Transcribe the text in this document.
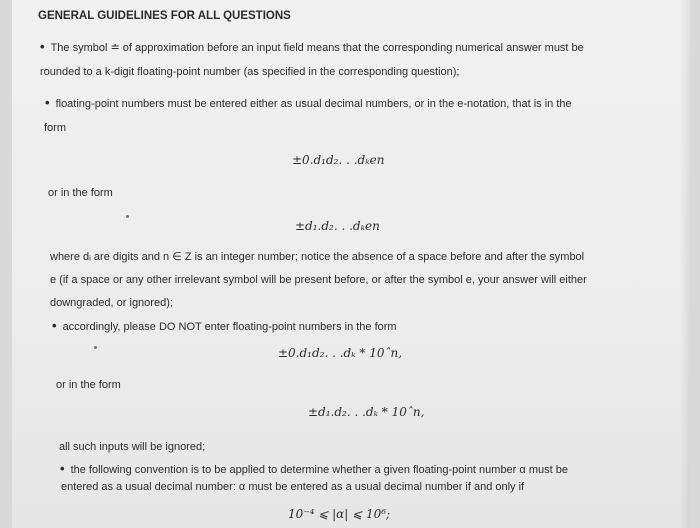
GENERAL GUIDELINES FOR ALL QUESTIONS
• The symbol ≐ of approximation before an input field means that the corresponding numerical answer must be
rounded to a k-digit floating-point number (as specified in the corresponding question);
• floating-point numbers must be entered either as usual decimal numbers, or in the e-notation, that is in the
form
±0.d₁d₂. . .dₖen
or in the form
±d₁.d₂. . .dₖen
where dᵢ are digits and n ∈ Z is an integer number; notice the absence of a space before and after the symbol
e (if a space or any other irrelevant symbol will be present before, or after the symbol e, your answer will either
downgraded, or ignored);
• accordingly, please DO NOT enter floating-point numbers in the form
±0.d₁d₂. . .dₖ * 10ˆn,
or in the form
±d₁.d₂. . .dₖ * 10ˆn,
all such inputs will be ignored;
• the following convention is to be applied to determine whether a given floating-point number α must be
entered as a usual decimal number: α must be entered as a usual decimal number if and only if
10⁻⁴ ⩽ |α| ⩽ 10⁶;
